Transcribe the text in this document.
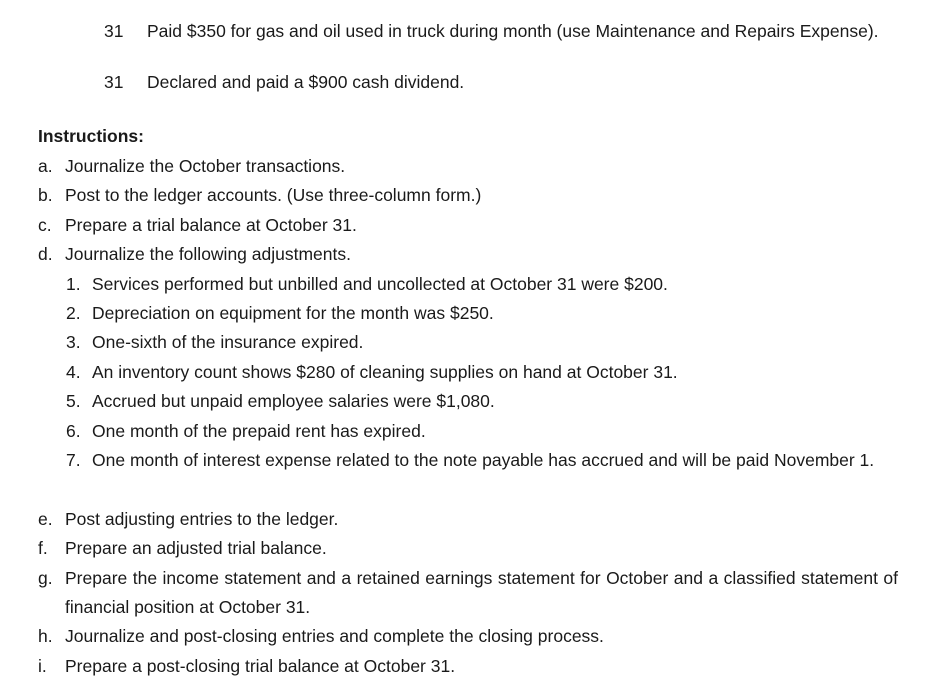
31	Paid $350 for gas and oil used in truck during month (use Maintenance and Repairs Expense).
31	Declared and paid a $900 cash dividend.
Instructions:
a. Journalize the October transactions.
b. Post to the ledger accounts. (Use three-column form.)
c. Prepare a trial balance at October 31.
d. Journalize the following adjustments.
1. Services performed but unbilled and uncollected at October 31 were $200.
2. Depreciation on equipment for the month was $250.
3. One-sixth of the insurance expired.
4. An inventory count shows $280 of cleaning supplies on hand at October 31.
5. Accrued but unpaid employee salaries were $1,080.
6. One month of the prepaid rent has expired.
7. One month of interest expense related to the note payable has accrued and will be paid November 1.
e. Post adjusting entries to the ledger.
f. Prepare an adjusted trial balance.
g. Prepare the income statement and a retained earnings statement for October and a classified statement of financial position at October 31.
h. Journalize and post-closing entries and complete the closing process.
i.	Prepare a post-closing trial balance at October 31.
